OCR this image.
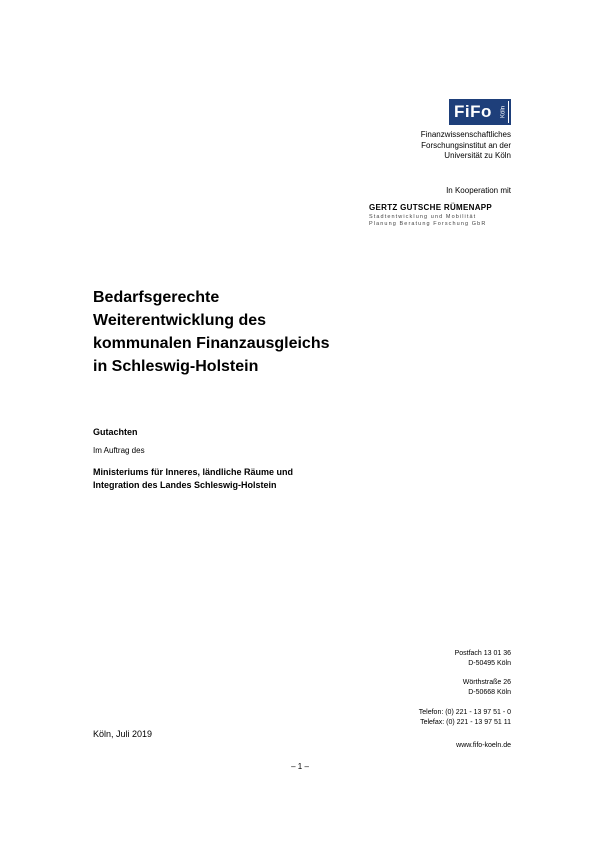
FiFo Köln
Finanzwissenschaftliches
Forschungsinstitut an der
Universität zu Köln
In Kooperation mit
GERTZ GUTSCHE RÜMENAPP
Stadtentwicklung und Mobilität
Planung Beratung Forschung GbR
Bedarfsgerechte
Weiterentwicklung des
kommunalen Finanzausgleichs
in Schleswig-Holstein
Gutachten
Im Auftrag des
Ministeriums für Inneres, ländliche Räume und
Integration des Landes Schleswig-Holstein
Postfach 13 01 36
D-50495 Köln
Wörthstraße 26
D-50668 Köln
Telefon: (0) 221 - 13 97 51 - 0
Telefax: (0) 221 - 13 97 51 11
www.fifo-koeln.de
Köln, Juli 2019
– 1 –
